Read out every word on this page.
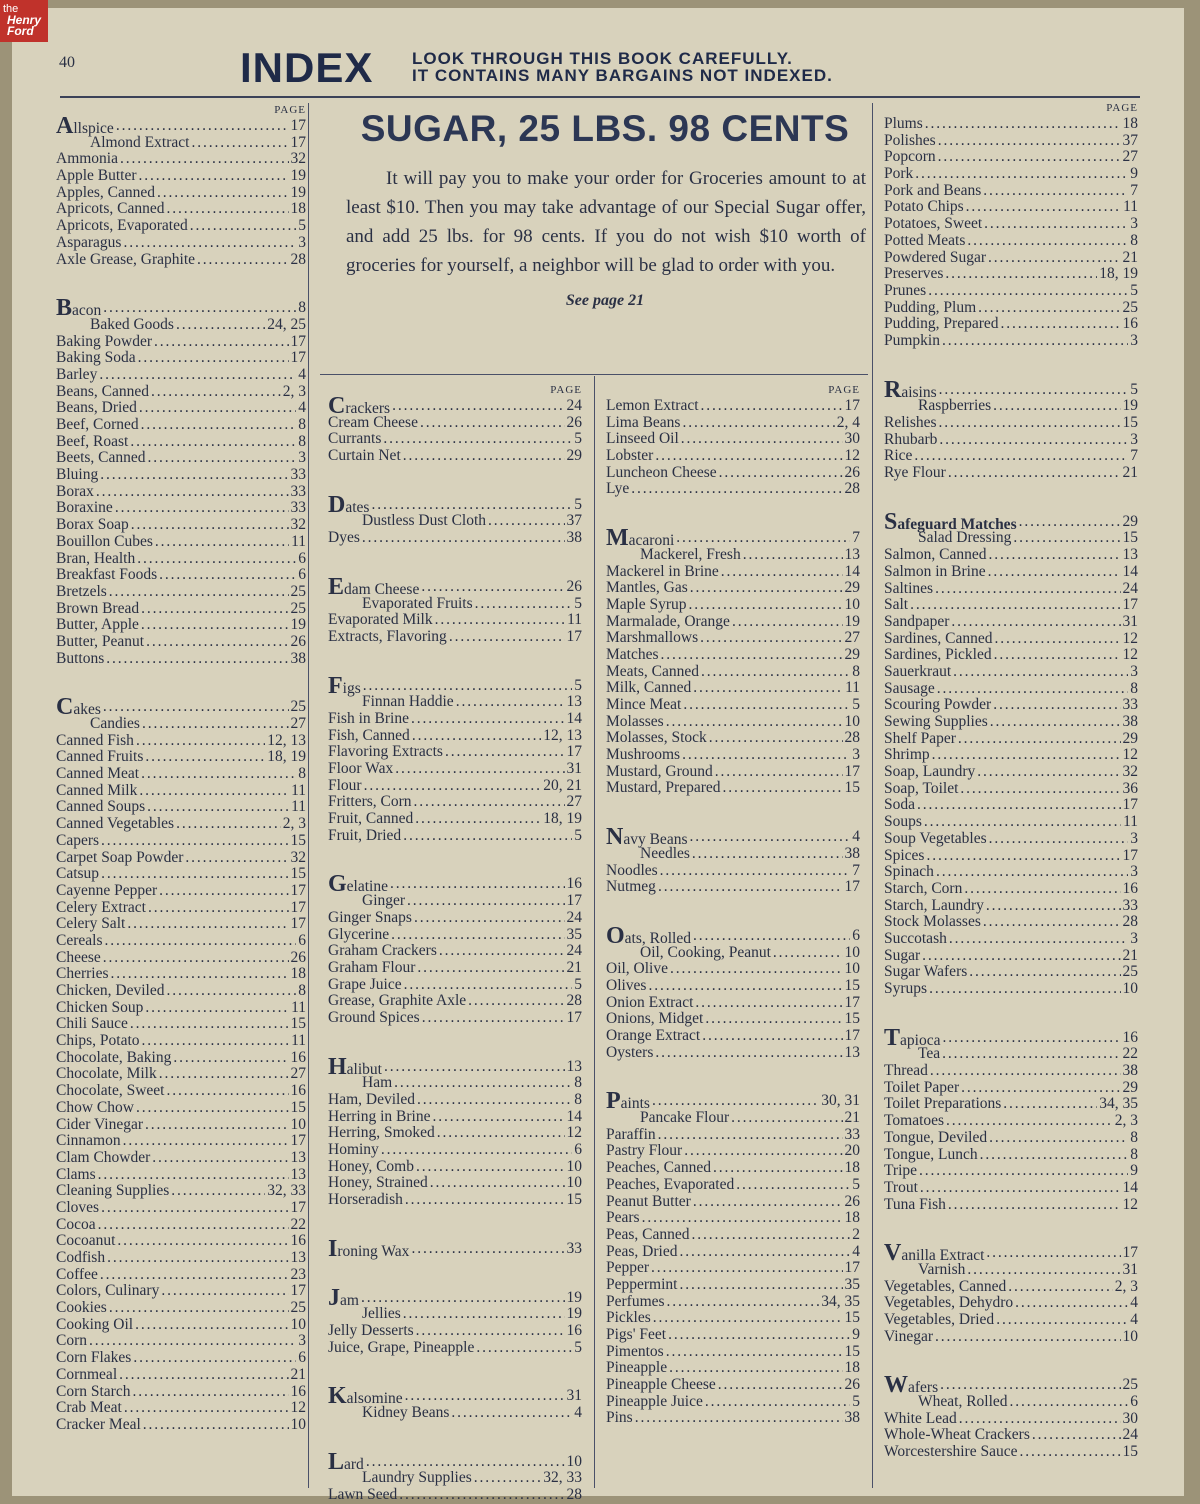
the
Henry
Ford
40	INDEX LOOK THROUGH THIS BOOK CAREFULLY.
IT CONTAINS MANY BARGAINS NOT INDEXED.
SUGAR, 25 LBS. 98 CENTS
It will pay you to make your order for Groceries amount to at least $10. Then you may take advantage of our Special Sugar offer, and add 25 lbs. for 98 cents. If you do not wish $10 worth of groceries for yourself, a neighbor will be glad to order with you.
See page 21
PAGE
Allspice . . .	17
Almond Extract . . .	17
Ammonia . . .	32
Apple Butter . . .	19
Apples, Canned . . .	19
Apricots, Canned . . .	18
Apricots, Evaporated . . .	5
Asparagus . . .	3
Axle Grease, Graphite . . .	28
Bacon . . .	8
Baked Goods . . .	24, 25
Baking Powder . . .	17
Baking Soda . . .	17
Barley . . .	4
Beans, Canned . . .	2, 3
Beans, Dried . . .	4
Beef, Corned . . .	8
Beef, Roast . . .	8
Beets, Canned . . .	3
Bluing . . .	33
Borax . . .	33
Boraxine . . .	33
Borax Soap . . .	32
Bouillon Cubes . . .	11
Bran, Health . . .	6
Breakfast Foods . . .	6
Bretzels . . .	25
Brown Bread . . .	25
Butter, Apple . . .	19
Butter, Peanut . . .	26
Buttons . . .	38
Cakes . . .	25
Candies . . .	27
Canned Fish . . .	12, 13
Canned Fruits . . .	18, 19
Canned Meat . . .	8
Canned Milk . . .	11
Canned Soups . . .	11
Canned Vegetables . . .	2, 3
Capers . . .	15
Carpet Soap Powder . . .	32
Catsup . . .	15
Cayenne Pepper . . .	17
Celery Extract . . .	17
Celery Salt . . .	17
Cereals . . .	6
Cheese . . .	26
Cherries . . .	18
Chicken, Deviled . . .	8
Chicken Soup . . .	11
Chili Sauce . . .	15
Chips, Potato . . .	11
Chocolate, Baking . . .	16
Chocolate, Milk . . .	27
Chocolate, Sweet . . .	16
Chow Chow . . .	15
Cider Vinegar . . .	10
Cinnamon . . .	17
Clam Chowder . . .	13
Clams . . .	13
Cleaning Supplies . . .	32, 33
Cloves . . .	17
Cocoa . . .	22
Cocoanut . . .	16
Codfish . . .	13
Coffee . . .	23
Colors, Culinary . . .	17
Cookies . . .	25
Cooking Oil . . .	10
Corn . . .	3
Corn Flakes . . .	6
Cornmeal . . .	21
Corn Starch . . .	16
Crab Meat . . .	12
Cracker Meal . . .	10
PAGE
Crackers . . .	24
Cream Cheese . . .	26
Currants . . .	5
Curtain Net . . .	29
Dates . . .	5
Dustless Dust Cloth . . .	37
Dyes . . .	38
Edam Cheese . . .	26
Evaporated Fruits . . .	5
Evaporated Milk . . .	11
Extracts, Flavoring . . .	17
Figs . . .	5
Finnan Haddie . . .	13
Fish in Brine . . .	14
Fish, Canned . . .	12, 13
Flavoring Extracts . . .	17
Floor Wax . . .	31
Flour . . .	20, 21
Fritters, Corn . . .	27
Fruit, Canned . . .	18, 19
Fruit, Dried . . .	5
Gelatine . . .	16
Ginger . . .	17
Ginger Snaps . . .	24
Glycerine . . .	35
Graham Crackers . . .	24
Graham Flour . . .	21
Grape Juice . . .	5
Grease, Graphite Axle . . .	28
Ground Spices . . .	17
Halibut . . .	13
Ham . . .	8
Ham, Deviled . . .	8
Herring in Brine . . .	14
Herring, Smoked . . .	12
Hominy . . .	6
Honey, Comb . . .	10
Honey, Strained . . .	10
Horseradish . . .	15
Ironing Wax . . .	33
Jam . . .	19
Jellies . . .	19
Jelly Desserts . . .	16
Juice, Grape, Pineapple . . .	5
Kalsomine . . .	31
Kidney Beans . . .	4
Lard . . .	10
Laundry Supplies . . .	32, 33
Lawn Seed . . .	28
PAGE
Lemon Extract . . .	17
Lima Beans . . .	2, 4
Linseed Oil . . .	30
Lobster . . .	12
Luncheon Cheese . . .	26
Lye . . .	28
Macaroni . . .	7
Mackerel, Fresh . . .	13
Mackerel in Brine . . .	14
Mantles, Gas . . .	29
Maple Syrup . . .	10
Marmalade, Orange . . .	19
Marshmallows . . .	27
Matches . . .	29
Meats, Canned . . .	8
Milk, Canned . . .	11
Mince Meat . . .	5
Molasses . . .	10
Molasses, Stock . . .	28
Mushrooms . . .	3
Mustard, Ground . . .	17
Mustard, Prepared . . .	15
Navy Beans . . .	4
Needles . . .	38
Noodles . . .	7
Nutmeg . . .	17
Oats, Rolled . . .	6
Oil, Cooking, Peanut . . .	10
Oil, Olive . . .	10
Olives . . .	15
Onion Extract . . .	17
Onions, Midget . . .	15
Orange Extract . . .	17
Oysters . . .	13
Paints . . .	30, 31
Pancake Flour . . .	21
Paraffin . . .	33
Pastry Flour . . .	20
Peaches, Canned . . .	18
Peaches, Evaporated . . .	5
Peanut Butter . . .	26
Pears . . .	18
Peas, Canned . . .	2
Peas, Dried . . .	4
Pepper . . .	17
Peppermint . . .	35
Perfumes . . .	34, 35
Pickles . . .	15
Pigs' Feet . . .	9
Pimentos . . .	15
Pineapple . . .	18
Pineapple Cheese . . .	26
Pineapple Juice . . .	5
Pins . . .	38
PAGE
Plums . . .	18
Polishes . . .	37
Popcorn . . .	27
Pork . . .	9
Pork and Beans . . .	7
Potato Chips . . .	11
Potatoes, Sweet . . .	3
Potted Meats . . .	8
Powdered Sugar . . .	21
Preserves . . .	18, 19
Prunes . . .	5
Pudding, Plum . . .	25
Pudding, Prepared . . .	16
Pumpkin . . .	3
Raisins . . .	5
Raspberries . . .	19
Relishes . . .	15
Rhubarb . . .	3
Rice . . .	7
Rye Flour . . .	21
Safeguard Matches . . .	29
Salad Dressing . . .	15
Salmon, Canned . . .	13
Salmon in Brine . . .	14
Saltines . . .	24
Salt . . .	17
Sandpaper . . .	31
Sardines, Canned . . .	12
Sardines, Pickled . . .	12
Sauerkraut . . .	3
Sausage . . .	8
Scouring Powder . . .	33
Sewing Supplies . . .	38
Shelf Paper . . .	29
Shrimp . . .	12
Soap, Laundry . . .	32
Soap, Toilet . . .	36
Soda . . .	17
Soups . . .	11
Soup Vegetables . . .	3
Spices . . .	17
Spinach . . .	3
Starch, Corn . . .	16
Starch, Laundry . . .	33
Stock Molasses . . .	28
Succotash . . .	3
Sugar . . .	21
Sugar Wafers . . .	25
Syrups . . .	10
Tapioca . . .	16
Tea . . .	22
Thread . . .	38
Toilet Paper . . .	29
Toilet Preparations . . .	34, 35
Tomatoes . . .	2, 3
Tongue, Deviled . . .	8
Tongue, Lunch . . .	8
Tripe . . .	9
Trout . . .	14
Tuna Fish . . .	12
Vanilla Extract . . .	17
Varnish . . .	31
Vegetables, Canned . . .	2, 3
Vegetables, Dehydro . . .	4
Vegetables, Dried . . .	4
Vinegar . . .	10
Wafers . . .	25
Wheat, Rolled . . .	6
White Lead . . .	30
Whole-Wheat Crackers . . .	24
Worcestershire Sauce . . .	15
